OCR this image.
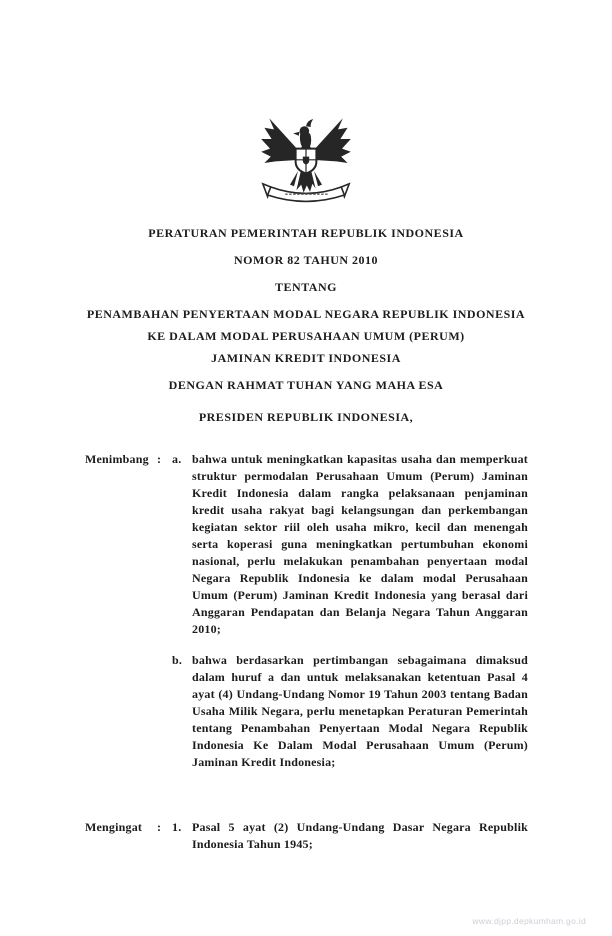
PERATURAN PEMERINTAH REPUBLIK INDONESIA
NOMOR 82 TAHUN 2010
TENTANG
PENAMBAHAN PENYERTAAN MODAL NEGARA REPUBLIK INDONESIA
KE DALAM MODAL PERUSAHAAN UMUM (PERUM)
JAMINAN KREDIT INDONESIA
DENGAN RAHMAT TUHAN YANG MAHA ESA
PRESIDEN REPUBLIK INDONESIA,
Menimbang : a. bahwa untuk meningkatkan kapasitas usaha dan memperkuat struktur permodalan Perusahaan Umum (Perum) Jaminan Kredit Indonesia dalam rangka pelaksanaan penjaminan kredit usaha rakyat bagi kelangsungan dan perkembangan kegiatan sektor riil oleh usaha mikro, kecil dan menengah serta koperasi guna meningkatkan pertumbuhan ekonomi nasional, perlu melakukan penambahan penyertaan modal Negara Republik Indonesia ke dalam modal Perusahaan Umum (Perum) Jaminan Kredit Indonesia yang berasal dari Anggaran Pendapatan dan Belanja Negara Tahun Anggaran 2010;
b. bahwa berdasarkan pertimbangan sebagaimana dimaksud dalam huruf a dan untuk melaksanakan ketentuan Pasal 4 ayat (4) Undang-Undang Nomor 19 Tahun 2003 tentang Badan Usaha Milik Negara, perlu menetapkan Peraturan Pemerintah tentang Penambahan Penyertaan Modal Negara Republik Indonesia Ke Dalam Modal Perusahaan Umum (Perum) Jaminan Kredit Indonesia;
Mengingat	: 1. Pasal 5 ayat (2) Undang-Undang Dasar Negara Republik Indonesia Tahun 1945;
www.djpp.depkumham.go.id
